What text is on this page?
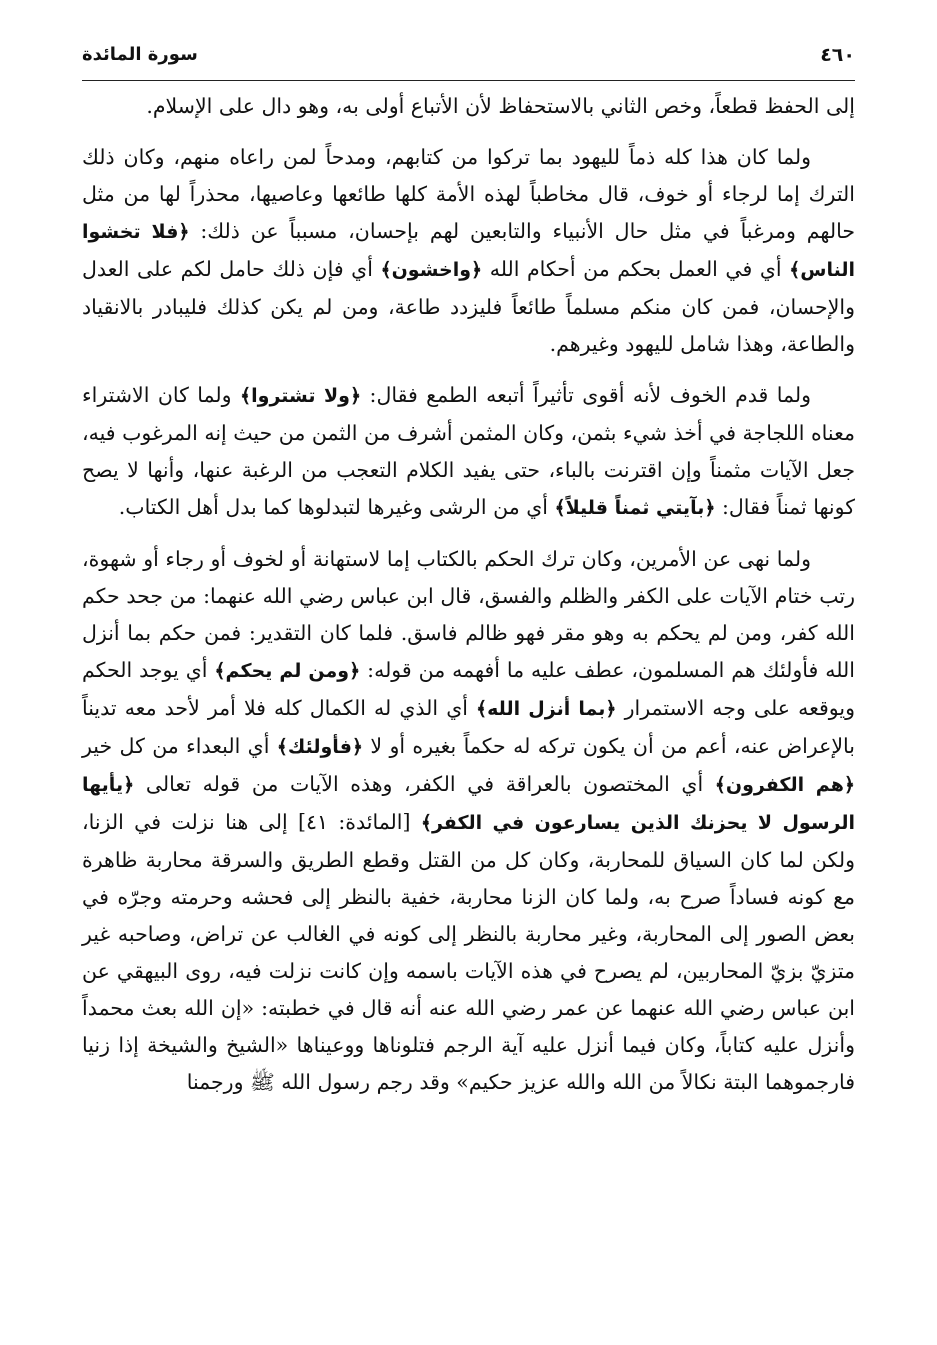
٤٦٠
سورة المائدة

إلى الحفظ قطعاً، وخص الثاني بالاستحفاظ لأن الأتباع أولى به، وهو دال على الإسلام.

ولما كان هذا كله ذماً لليهود بما تركوا من كتابهم، ومدحاً لمن راعاه منهم، وكان ذلك الترك إما لرجاء أو خوف، قال مخاطباً لهذه الأمة كلها طائعها وعاصيها، محذراً لها من مثل حالهم ومرغباً في مثل حال الأنبياء والتابعين لهم بإحسان، مسبباً عن ذلك: ﴿فلا تخشوا الناس﴾ أي في العمل بحكم من أحكام الله ﴿واخشون﴾ أي فإن ذلك حامل لكم على العدل والإحسان، فمن كان منكم مسلماً طائعاً فليزدد طاعة، ومن لم يكن كذلك فليبادر بالانقياد والطاعة، وهذا شامل لليهود وغيرهم.

ولما قدم الخوف لأنه أقوى تأثيراً أتبعه الطمع فقال: ﴿ولا تشتروا﴾ ولما كان الاشتراء معناه اللجاجة في أخذ شيء بثمن، وكان المثمن أشرف من الثمن من حيث إنه المرغوب فيه، جعل الآيات مثمناً وإن اقترنت بالباء، حتى يفيد الكلام التعجب من الرغبة عنها، وأنها لا يصح كونها ثمناً فقال: ﴿بآيتي ثمناً قليلاً﴾ أي من الرشى وغيرها لتبدلوها كما بدل أهل الكتاب.

ولما نهى عن الأمرين، وكان ترك الحكم بالكتاب إما لاستهانة أو لخوف أو رجاء أو شهوة، رتب ختام الآيات على الكفر والظلم والفسق، قال ابن عباس رضي الله عنهما: من جحد حكم الله كفر، ومن لم يحكم به وهو مقر فهو ظالم فاسق. فلما كان التقدير: فمن حكم بما أنزل الله فأولئك هم المسلمون، عطف عليه ما أفهمه من قوله: ﴿ومن لم يحكم﴾ أي يوجد الحكم ويوقعه على وجه الاستمرار ﴿بما أنزل الله﴾ أي الذي له الكمال كله فلا أمر لأحد معه تديناً بالإعراض عنه، أعم من أن يكون تركه له حكماً بغيره أو لا ﴿فأولئك﴾ أي البعداء من كل خير ﴿هم الكفرون﴾ أي المختصون بالعراقة في الكفر، وهذه الآيات من قوله تعالى ﴿يأيها الرسول لا يحزنك الذين يسارعون في الكفر﴾ [المائدة: ٤١] إلى هنا نزلت في الزنا، ولكن لما كان السياق للمحاربة، وكان كل من القتل وقطع الطريق والسرقة محاربة ظاهرة مع كونه فساداً صرح به، ولما كان الزنا محاربة، خفية بالنظر إلى فحشه وحرمته وجرّه في بعض الصور إلى المحاربة، وغير محاربة بالنظر إلى كونه في الغالب عن تراض، وصاحبه غير متزيّ بزيّ المحاربين، لم يصرح في هذه الآيات باسمه وإن كانت نزلت فيه، روى البيهقي عن ابن عباس رضي الله عنهما عن عمر رضي الله عنه أنه قال في خطبته: «إن الله بعث محمداً وأنزل عليه كتاباً، وكان فيما أنزل عليه آية الرجم فتلوناها ووعيناها «الشيخ والشيخة إذا زنيا فارجموهما البتة نكالاً من الله والله عزيز حكيم» وقد رجم رسول الله ﷺ ورجمنا
